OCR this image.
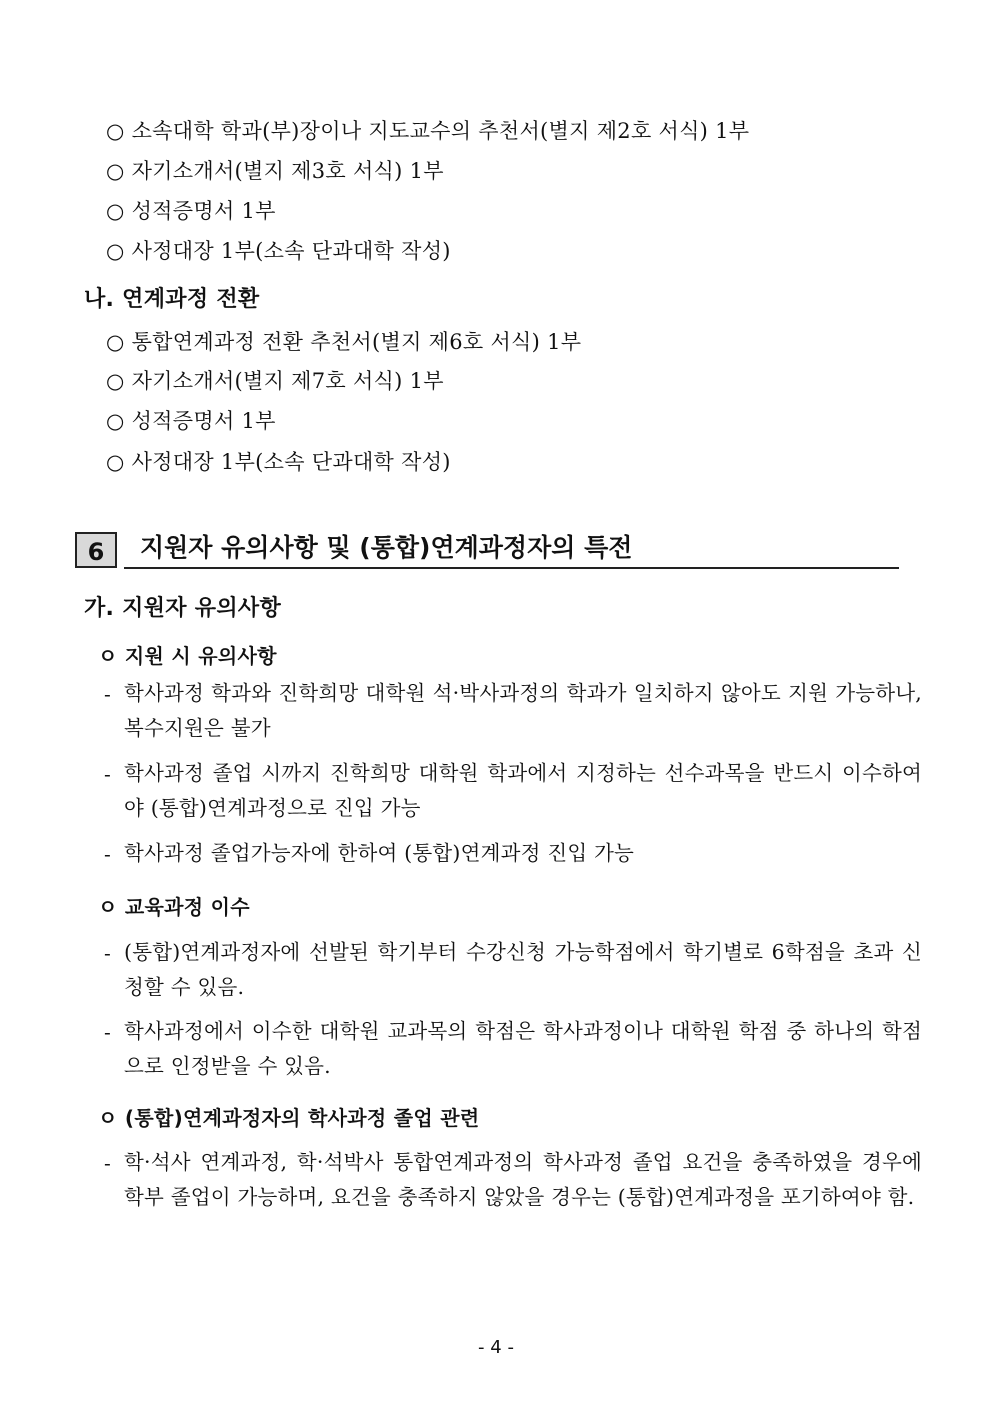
○ 소속대학 학과(부)장이나 지도교수의 추천서(별지 제2호 서식) 1부
○ 자기소개서(별지 제3호 서식) 1부
○ 성적증명서 1부
○ 사정대장 1부(소속 단과대학 작성)
나. 연계과정 전환
○ 통합연계과정 전환 추천서(별지 제6호 서식) 1부
○ 자기소개서(별지 제7호 서식) 1부
○ 성적증명서 1부
○ 사정대장 1부(소속 단과대학 작성)
6	지원자 유의사항 및 (통합)연계과정자의 특전
가. 지원자 유의사항
ㅇ 지원 시 유의사항
- 학사과정 학과와 진학희망 대학원 석·박사과정의 학과가 일치하지 않아도 지원 가능하나, 복수지원은 불가
- 학사과정 졸업 시까지 진학희망 대학원 학과에서 지정하는 선수과목을 반드시 이수하여야 (통합)연계과정으로 진입 가능
- 학사과정 졸업가능자에 한하여 (통합)연계과정 진입 가능
ㅇ 교육과정 이수
- (통합)연계과정자에 선발된 학기부터 수강신청 가능학점에서 학기별로 6학점을 초과 신청할 수 있음.
- 학사과정에서 이수한 대학원 교과목의 학점은 학사과정이나 대학원 학점 중 하나의 학점으로 인정받을 수 있음.
ㅇ (통합)연계과정자의 학사과정 졸업 관련
- 학·석사 연계과정, 학·석박사 통합연계과정의 학사과정 졸업 요건을 충족하였을 경우에 학부 졸업이 가능하며, 요건을 충족하지 않았을 경우는 (통합)연계과정을 포기하여야 함.
- 4 -
